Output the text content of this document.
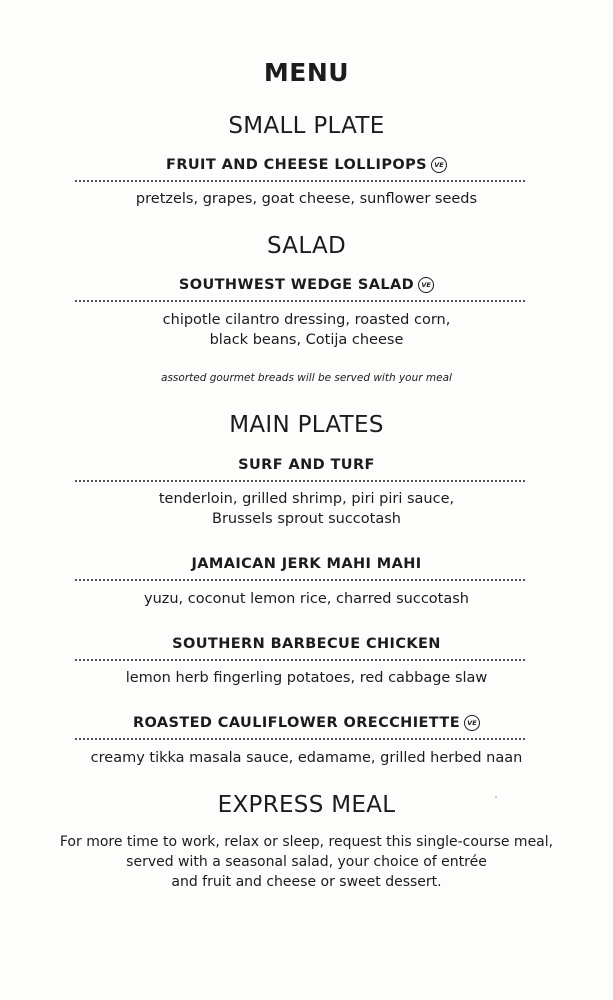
MENU
SMALL PLATE
FRUIT AND CHEESE LOLLIPOPS VE
pretzels, grapes, goat cheese, sunflower seeds
SALAD
SOUTHWEST WEDGE SALAD VE
chipotle cilantro dressing, roasted corn,
black beans, Cotija cheese
assorted gourmet breads will be served with your meal
MAIN PLATES
SURF AND TURF
tenderloin, grilled shrimp, piri piri sauce,
Brussels sprout succotash
JAMAICAN JERK MAHI MAHI
yuzu, coconut lemon rice, charred succotash
SOUTHERN BARBECUE CHICKEN
lemon herb fingerling potatoes, red cabbage slaw
ROASTED CAULIFLOWER ORECCHIETTE VE
creamy tikka masala sauce, edamame, grilled herbed naan
EXPRESS MEAL
For more time to work, relax or sleep, request this single-course meal,
served with a seasonal salad, your choice of entrée
and fruit and cheese or sweet dessert.
